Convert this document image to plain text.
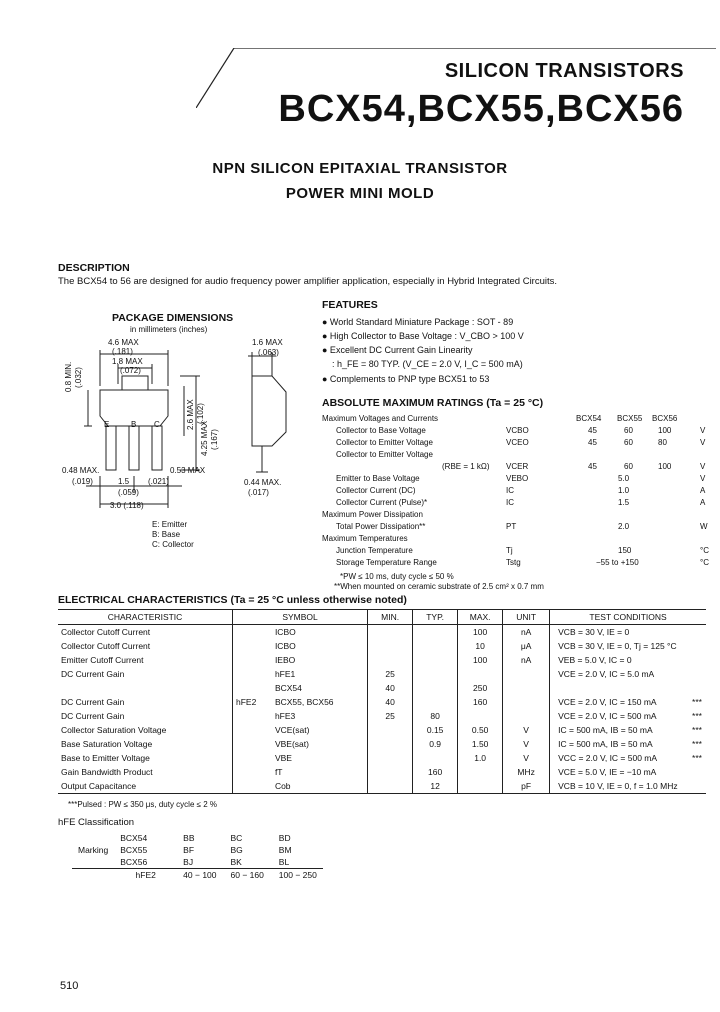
SILICON TRANSISTORS
BCX54,BCX55,BCX56
NPN SILICON EPITAXIAL TRANSISTOR
POWER MINI MOLD
DESCRIPTION
The BCX54 to 56 are designed for audio frequency power amplifier application, especially in Hybrid Integrated Circuits.
PACKAGE DIMENSIONS
in millimeters (inches)
4.6 MAX
(.181)
1.8 MAX
(.072)
1.6 MAX
(.063)
0.8 MIN. (.032)
2.6 MAX (.102)
4.25 MAX (.167)
E	B C
0.48 MAX.
(.019)
0.53 MAX
(.021)
1.5
(.059)
3.0 (.118)
0.44 MAX.
(.017)
E: Emitter
B: Base
C: Collector
FEATURES
● World Standard Miniature Package : SOT - 89
● High Collector to Base Voltage : V_CBO > 100 V
● Excellent DC Current Gain Linearity
: h_FE = 80 TYP. (V_CE = 2.0 V, I_C = 500 mA)
● Complements to PNP type BCX51 to 53
ABSOLUTE MAXIMUM RATINGS (Ta = 25 °C)
BCX54 BCX55 BCX56
Maximum Voltages and Currents
Collector to Base Voltage	VCBO	45	60	100	V
Collector to Emitter Voltage	VCEO	45	60	80	V
Collector to Emitter Voltage
(RBE = 1 kΩ) VCER	45	60	100	V
Emitter to Base Voltage	VEBO	5.0	V
Collector Current (DC)	IC	1.0	A
Collector Current (Pulse)*	IC	1.5	A
Maximum Power Dissipation
Total Power Dissipation**	PT	2.0	W
Maximum Temperatures
Junction Temperature	Tj	150	°C
Storage Temperature Range	Tstg	−55 to +150	°C
*PW ≤ 10 ms, duty cycle ≤ 50 %
**When mounted on ceramic substrate of 2.5 cm² x 0.7 mm
ELECTRICAL CHARACTERISTICS (Ta = 25 °C unless otherwise noted)
CHARACTERISTIC	SYMBOL		MIN.	TYP.	MAX.	UNIT	TEST CONDITIONS	
Collector Cutoff Current		ICBO			100	nA	VCB = 30 V, IE = 0	
Collector Cutoff Current		ICBO			10	μA	VCB = 30 V, IE = 0, Tj = 125 °C	
Emitter Cutoff Current		IEBO			100	nA	VEB = 5.0 V, IC = 0	
DC Current Gain		hFE1	25				VCE = 2.0 V, IC = 5.0 mA	
		BCX54	40		250			
DC Current Gain	hFE2	BCX55, BCX56	40		160		VCE = 2.0 V, IC = 150 mA	***
DC Current Gain		hFE3	25	80			VCE = 2.0 V, IC = 500 mA	***
Collector Saturation Voltage		VCE(sat)		0.15	0.50	V	IC = 500 mA, IB = 50 mA	***
Base Saturation Voltage		VBE(sat)		0.9	1.50	V	IC = 500 mA, IB = 50 mA	***
Base to Emitter Voltage		VBE			1.0	V	VCC = 2.0 V, IC = 500 mA	***
Gain Bandwidth Product		fT		160		MHz	VCE = 5.0 V, IE = −10 mA	
Output Capacitance		Cob		12		pF	VCB = 10 V, IE = 0, f = 1.0 MHz	
***Pulsed : PW ≤ 350 μs, duty cycle ≤ 2 %
hFE Classification
	BCX54	BB	BC	BD
Marking	BCX55	BF	BG	BM
	BCX56	BJ	BK	BL
	hFE2	40 − 100	60 − 160	100 − 250
510
